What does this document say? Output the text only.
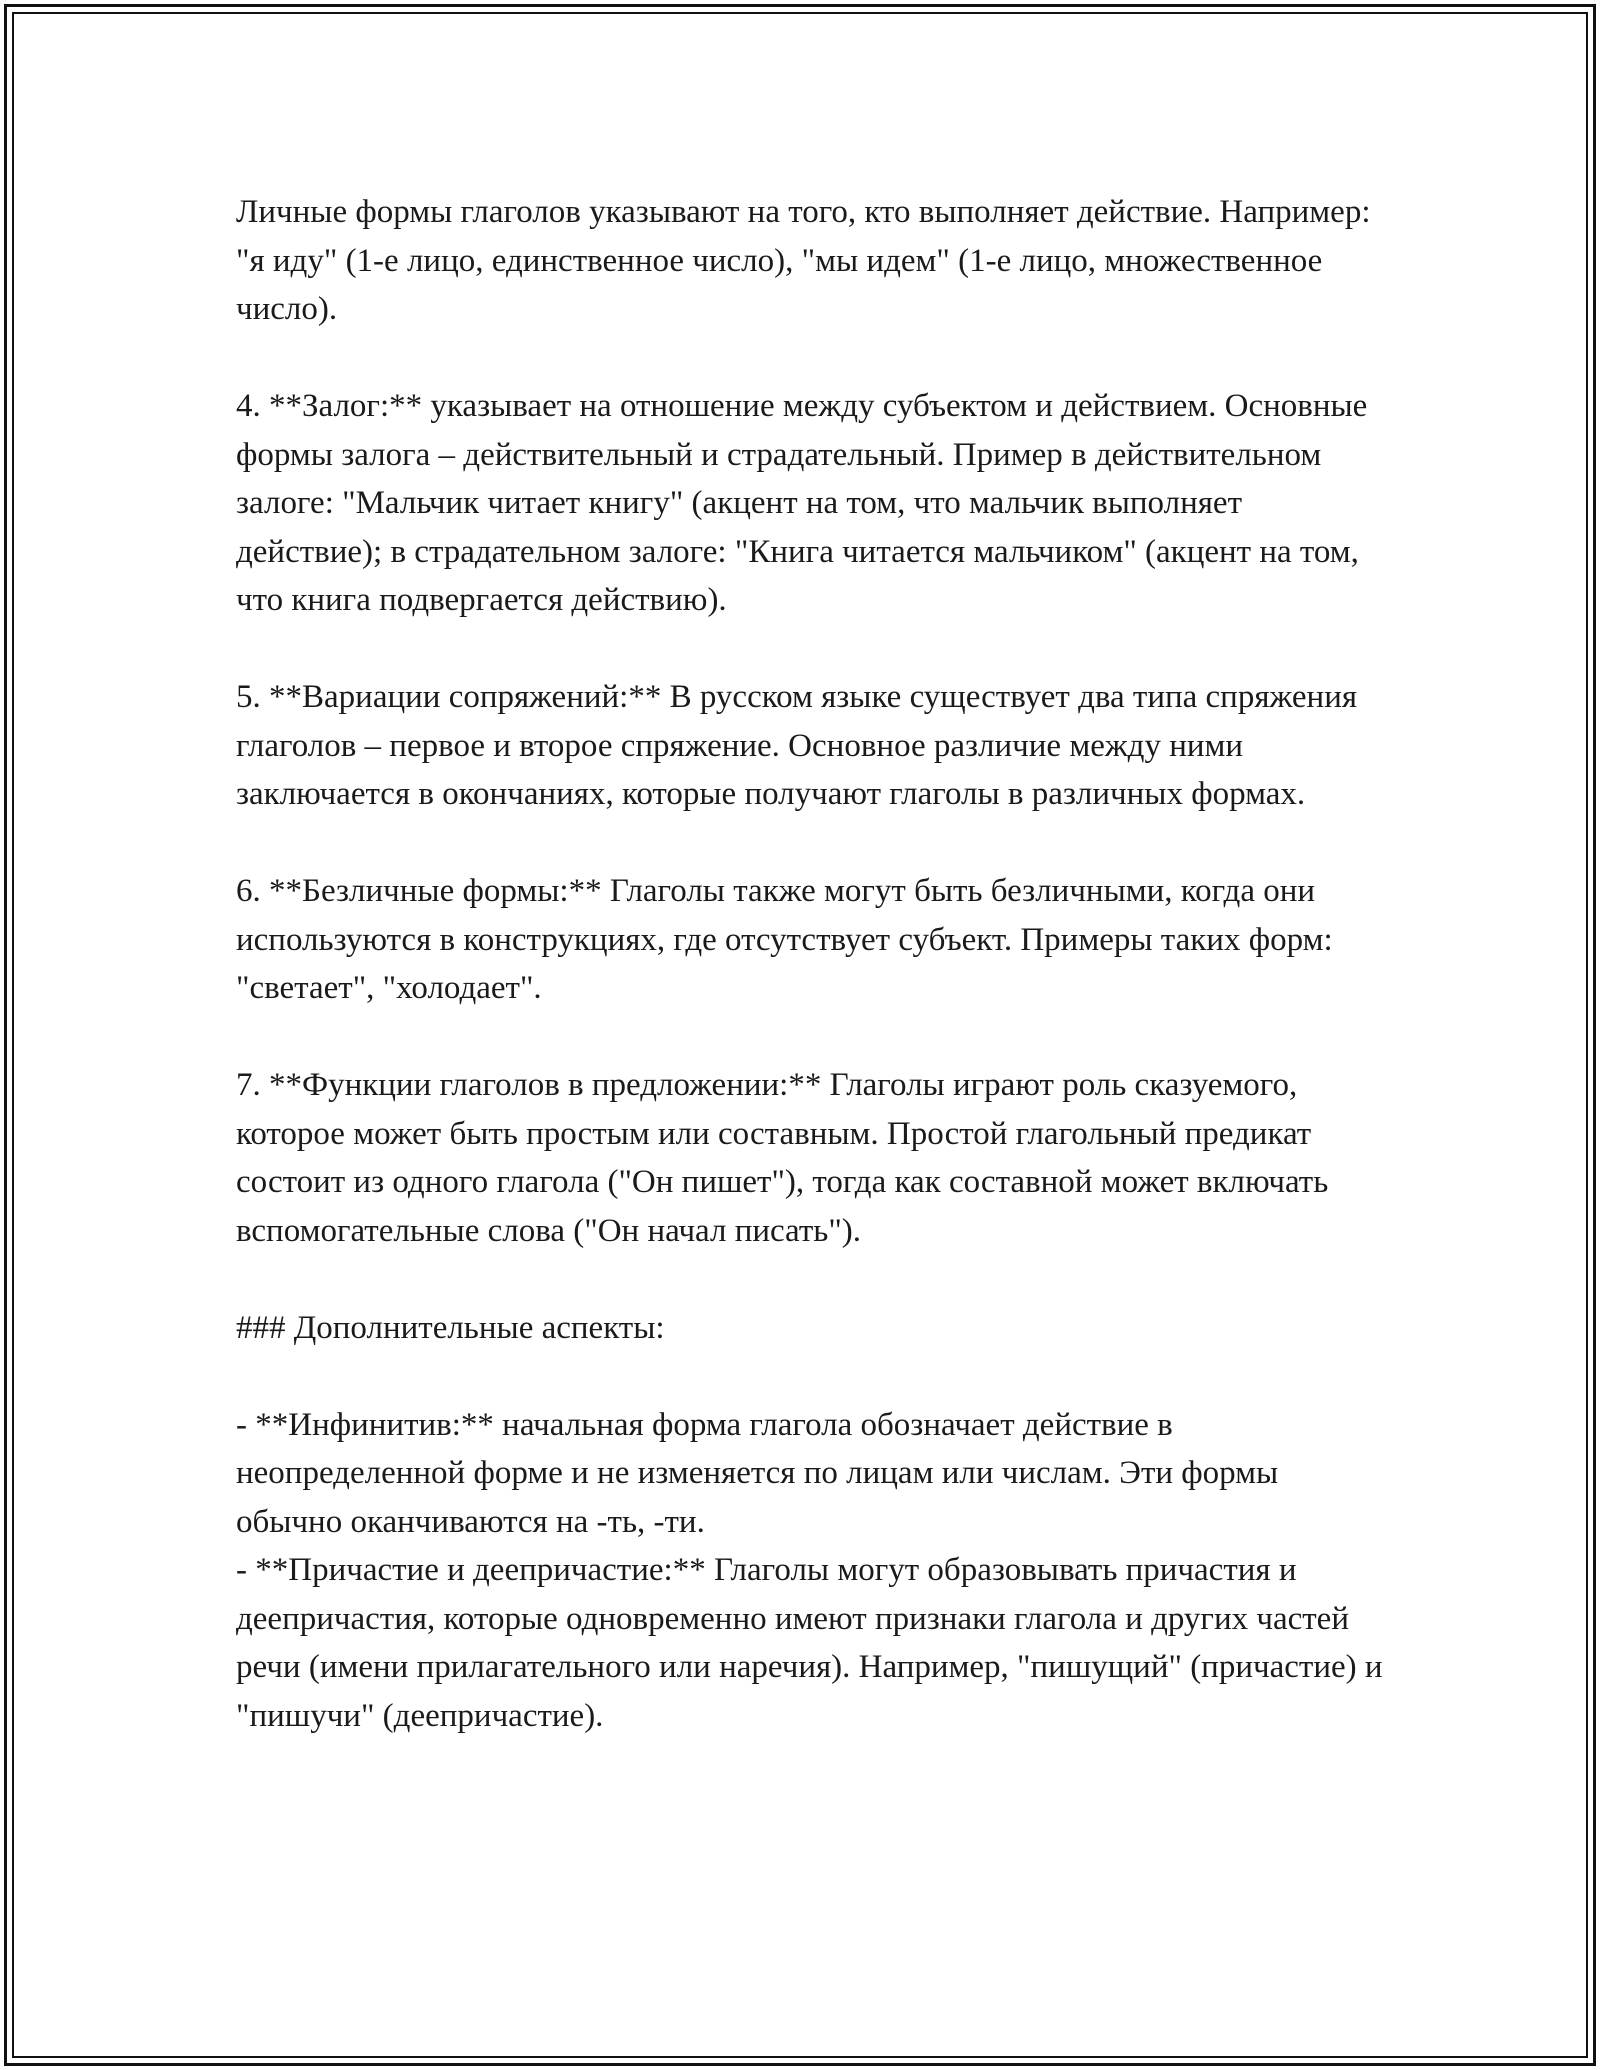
Личные формы глаголов указывают на того, кто выполняет действие. Например: "я иду" (1-е лицо, единственное число), "мы идем" (1-е лицо, множественное число).

4. **Залог:** указывает на отношение между субъектом и действием. Основные формы залога – действительный и страдательный. Пример в действительном залоге: "Мальчик читает книгу" (акцент на том, что мальчик выполняет действие); в страдательном залоге: "Книга читается мальчиком" (акцент на том, что книга подвергается действию).

5. **Вариации сопряжений:** В русском языке существует два типа спряжения глаголов – первое и второе спряжение. Основное различие между ними заключается в окончаниях, которые получают глаголы в различных формах.

6. **Безличные формы:** Глаголы также могут быть безличными, когда они используются в конструкциях, где отсутствует субъект. Примеры таких форм: "светает", "холодает".

7. **Функции глаголов в предложении:** Глаголы играют роль сказуемого, которое может быть простым или составным. Простой глагольный предикат состоит из одного глагола ("Он пишет"), тогда как составной может включать вспомогательные слова ("Он начал писать").

### Дополнительные аспекты:

- **Инфинитив:** начальная форма глагола обозначает действие в неопределенной форме и не изменяется по лицам или числам. Эти формы обычно оканчиваются на -ть, -ти.

- **Причастие и деепричастие:** Глаголы могут образовывать причастия и деепричастия, которые одновременно имеют признаки глагола и других частей речи (имени прилагательного или наречия). Например, "пишущий" (причастие) и "пишучи" (деепричастие).
